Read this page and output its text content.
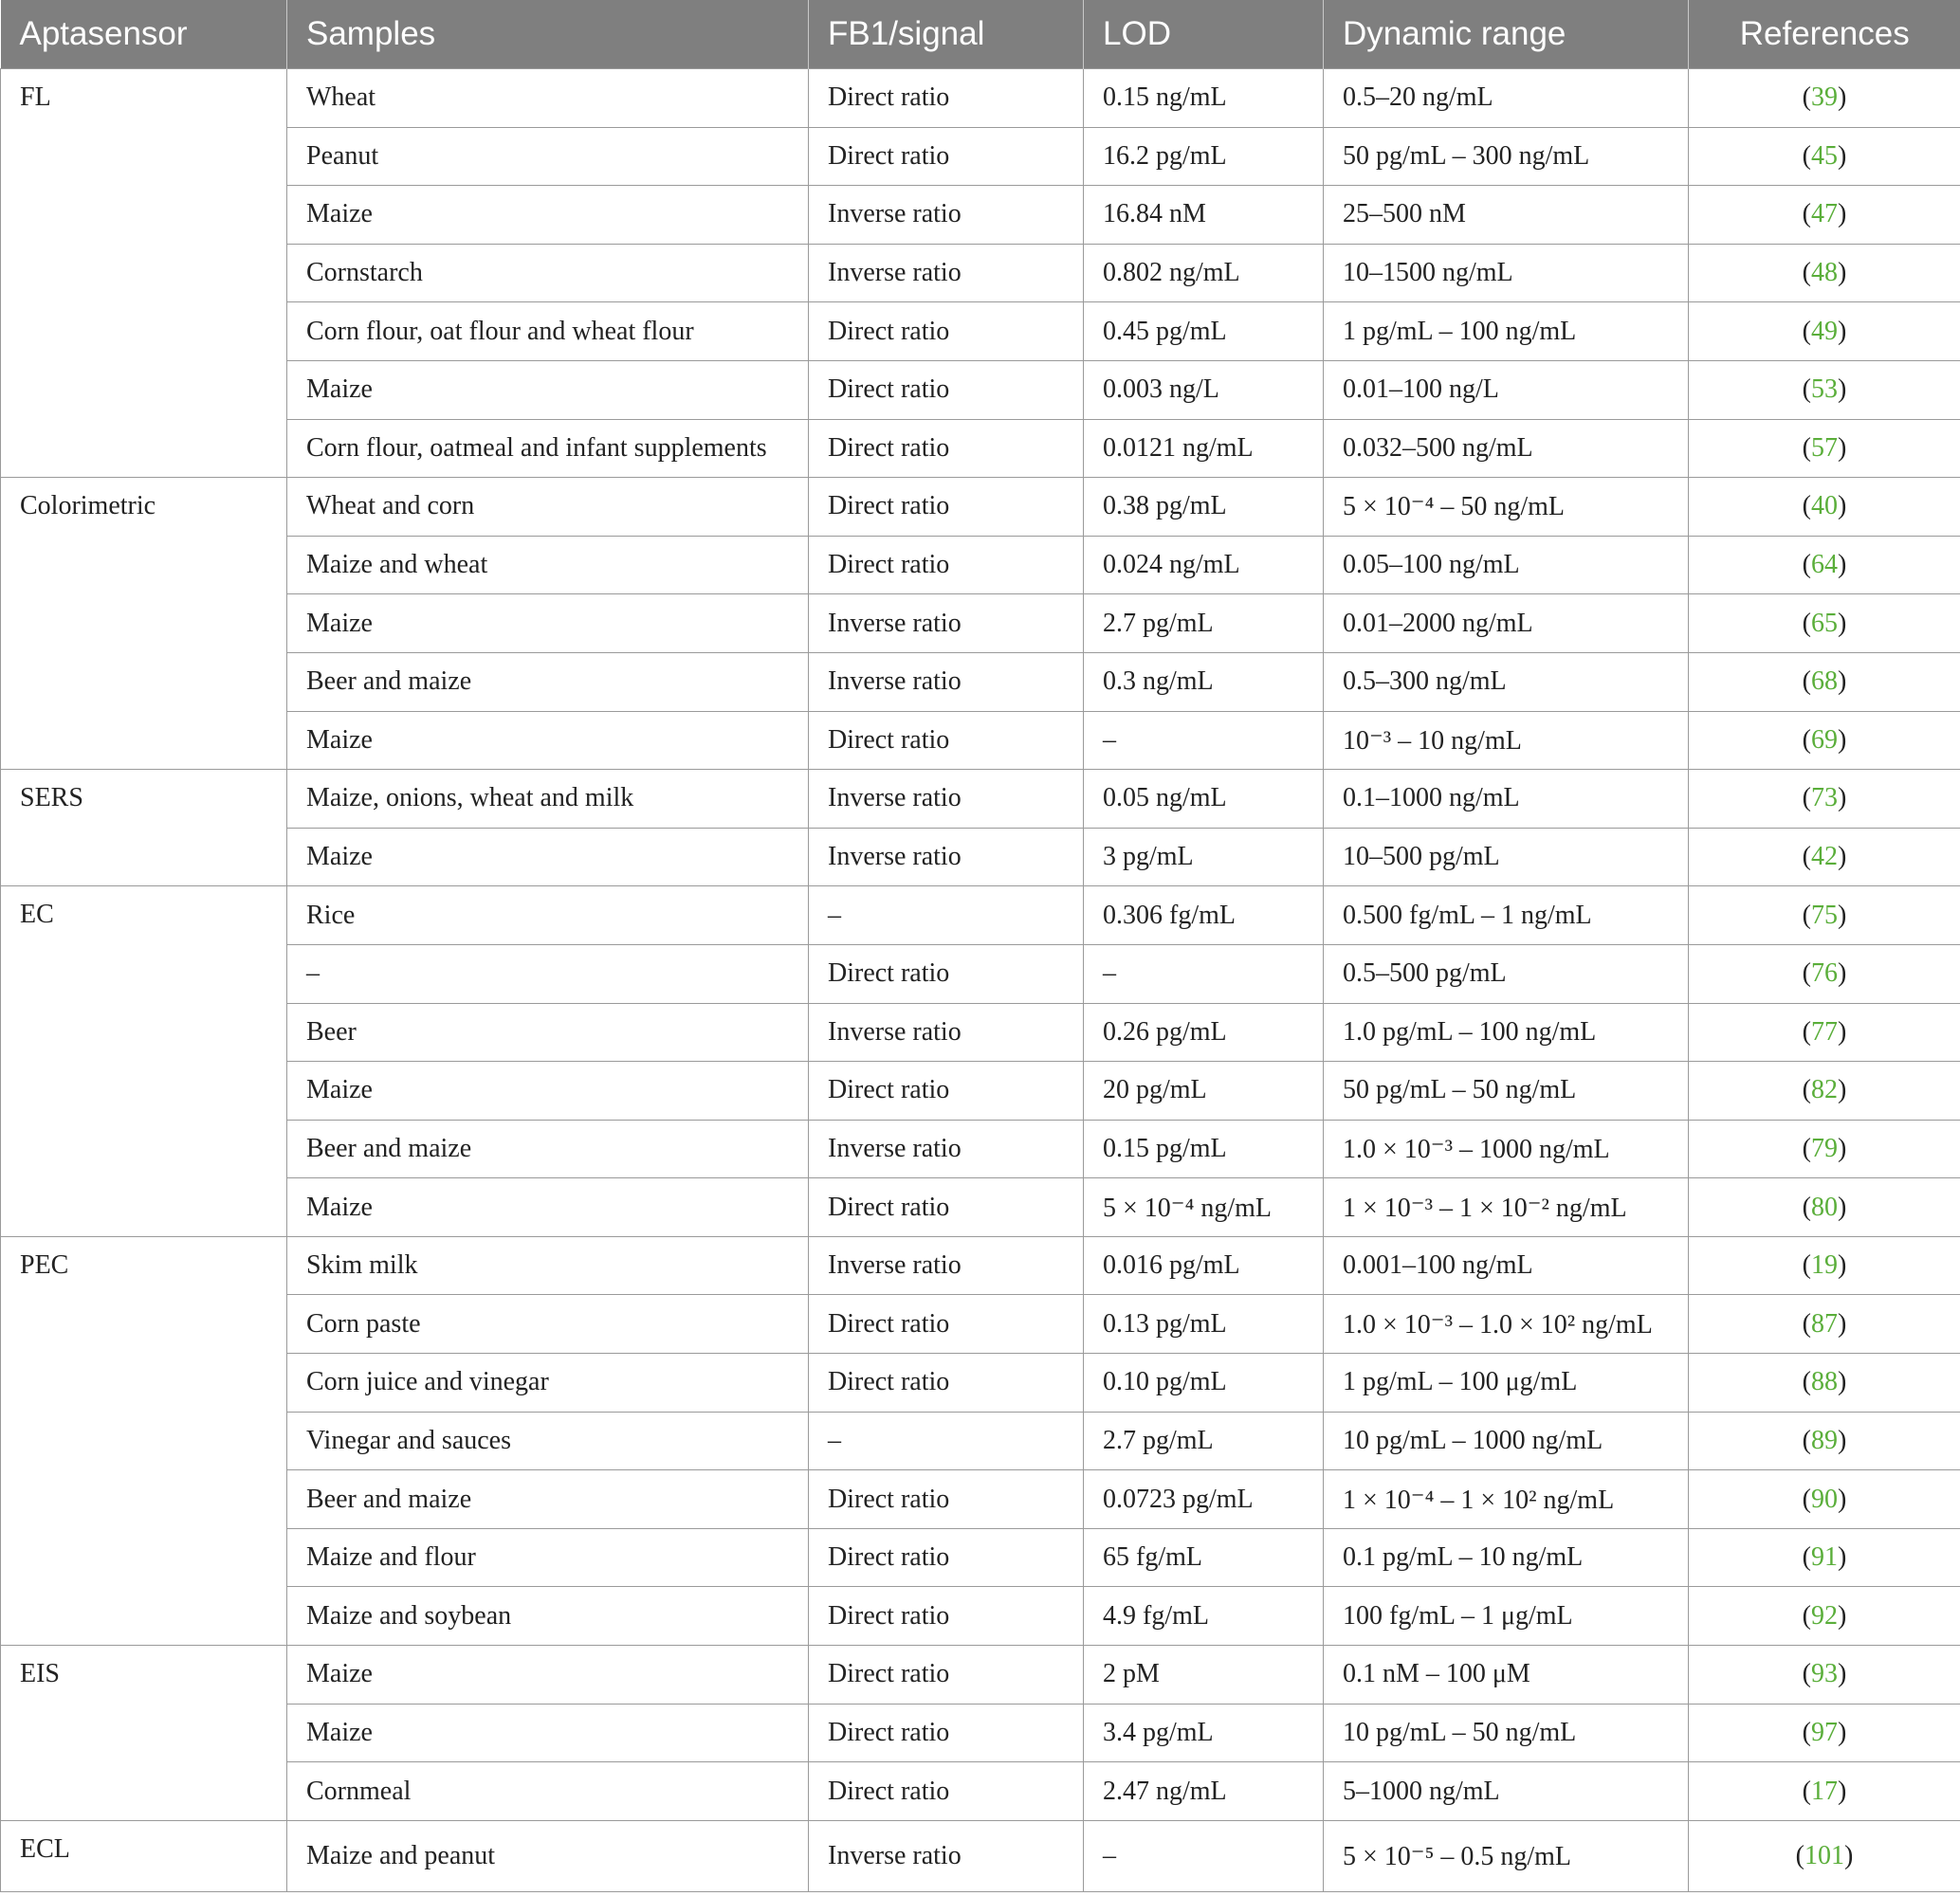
Aptasensor	Samples	FB1/signal	LOD	Dynamic range	References
FL	Wheat	Direct ratio	0.15 ng/mL	0.5–20 ng/mL	(39)
	Peanut	Direct ratio	16.2 pg/mL	50 pg/mL – 300 ng/mL	(45)
	Maize	Inverse ratio	16.84 nM	25–500 nM	(47)
	Cornstarch	Inverse ratio	0.802 ng/mL	10–1500 ng/mL	(48)
	Corn flour, oat flour and wheat flour	Direct ratio	0.45 pg/mL	1 pg/mL – 100 ng/mL	(49)
	Maize	Direct ratio	0.003 ng/L	0.01–100 ng/L	(53)
	Corn flour, oatmeal and infant supplements	Direct ratio	0.0121 ng/mL	0.032–500 ng/mL	(57)
Colorimetric	Wheat and corn	Direct ratio	0.38 pg/mL	5 × 10⁻⁴ – 50 ng/mL	(40)
	Maize and wheat	Direct ratio	0.024 ng/mL	0.05–100 ng/mL	(64)
	Maize	Inverse ratio	2.7 pg/mL	0.01–2000 ng/mL	(65)
	Beer and maize	Inverse ratio	0.3 ng/mL	0.5–300 ng/mL	(68)
	Maize	Direct ratio	–	10⁻³ – 10 ng/mL	(69)
SERS	Maize, onions, wheat and milk	Inverse ratio	0.05 ng/mL	0.1–1000 ng/mL	(73)
	Maize	Inverse ratio	3 pg/mL	10–500 pg/mL	(42)
EC	Rice	–	0.306 fg/mL	0.500 fg/mL – 1 ng/mL	(75)
	–	Direct ratio	–	0.5–500 pg/mL	(76)
	Beer	Inverse ratio	0.26 pg/mL	1.0 pg/mL – 100 ng/mL	(77)
	Maize	Direct ratio	20 pg/mL	50 pg/mL – 50 ng/mL	(82)
	Beer and maize	Inverse ratio	0.15 pg/mL	1.0 × 10⁻³ – 1000 ng/mL	(79)
	Maize	Direct ratio	5 × 10⁻⁴ ng/mL	1 × 10⁻³ – 1 × 10⁻² ng/mL	(80)
PEC	Skim milk	Inverse ratio	0.016 pg/mL	0.001–100 ng/mL	(19)
	Corn paste	Direct ratio	0.13 pg/mL	1.0 × 10⁻³ – 1.0 × 10² ng/mL	(87)
	Corn juice and vinegar	Direct ratio	0.10 pg/mL	1 pg/mL – 100 μg/mL	(88)
	Vinegar and sauces	–	2.7 pg/mL	10 pg/mL – 1000 ng/mL	(89)
	Beer and maize	Direct ratio	0.0723 pg/mL	1 × 10⁻⁴ – 1 × 10² ng/mL	(90)
	Maize and flour	Direct ratio	65 fg/mL	0.1 pg/mL – 10 ng/mL	(91)
	Maize and soybean	Direct ratio	4.9 fg/mL	100 fg/mL – 1 μg/mL	(92)
EIS	Maize	Direct ratio	2 pM	0.1 nM – 100 μM	(93)
	Maize	Direct ratio	3.4 pg/mL	10 pg/mL – 50 ng/mL	(97)
	Cornmeal	Direct ratio	2.47 ng/mL	5–1000 ng/mL	(17)
ECL	Maize and peanut	Inverse ratio	–	5 × 10⁻⁵ – 0.5 ng/mL	(101)
